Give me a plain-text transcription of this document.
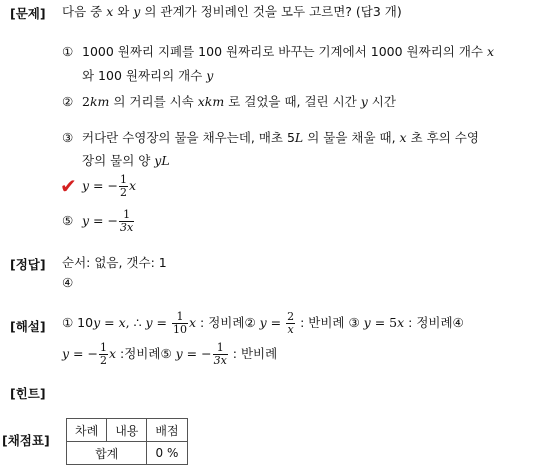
[문제]
[정답]
[해설]
[힌트]
[채점표]
다음 중 x 와 y 의 관계가 정비례인 것을 모두 고르면? (답3 개)
① 1000 원짜리 지폐를 100 원짜리로 바꾸는 기계에서 1000 원짜리의 개수 x
와 100 원짜리의 개수 y
② 2km 의 거리를 시속 xkm 로 걸었을 때, 걸린 시간 y 시간
③ 커다란 수영장의 물을 채우는데, 매초 5L 의 물을 채울 때, x 초 후의 수영
장의 물의 양 yL
✔ y = − $\frac{1}{2}$ x
⑤ y = − $\frac{1}{3x}$
순서: 없음, 갯수: 1
④
① 10y = x, ∴ $y = \frac{1}{10}$ x : 정비례② $y = \frac{2}{x}$ : 반비례 ③ y = 5x : 정비례④
y = − $\frac{1}{2}$ x :정비례⑤ y = − $\frac{1}{3x}$ : 반비례
차례	내용	배점
합계		0 %
